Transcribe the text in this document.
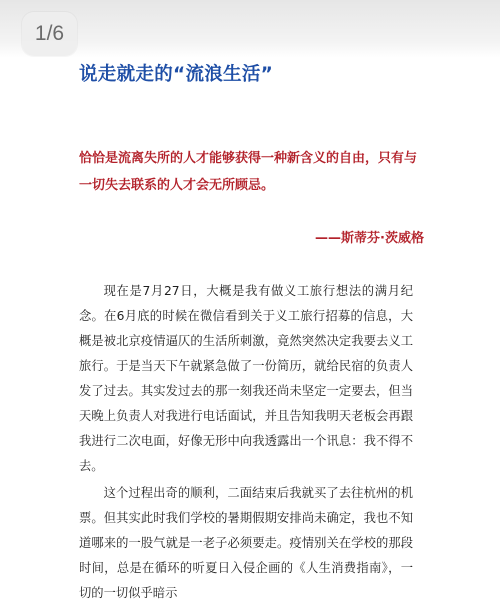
1/6
说走就走的“流浪生活”

恰恰是流离失所的人才能够获得一种新含义的自由，只有与一切失去联系的人才会无所顾忌。

——斯蒂芬·茨威格

现在是7月27日，大概是我有做义工旅行想法的满月纪念。在6月底的时候在微信看到关于义工旅行招募的信息，大概是被北京疫情逼仄的生活所刺激，竟然突然决定我要去义工旅行。于是当天下午就紧急做了一份简历，就给民宿的负责人发了过去。其实发过去的那一刻我还尚未坚定一定要去，但当天晚上负责人对我进行电话面试，并且告知我明天老板会再跟我进行二次电面，好像无形中向我透露出一个讯息：我不得不去。

这个过程出奇的顺利，二面结束后我就买了去往杭州的机票。但其实此时我们学校的暑期假期安排尚未确定，我也不知道哪来的一股气就是一老子必须要走。疫情别关在学校的那段时间，总是在循环的听夏日入侵企画的《人生消费指南》，一切的一切似乎暗示
